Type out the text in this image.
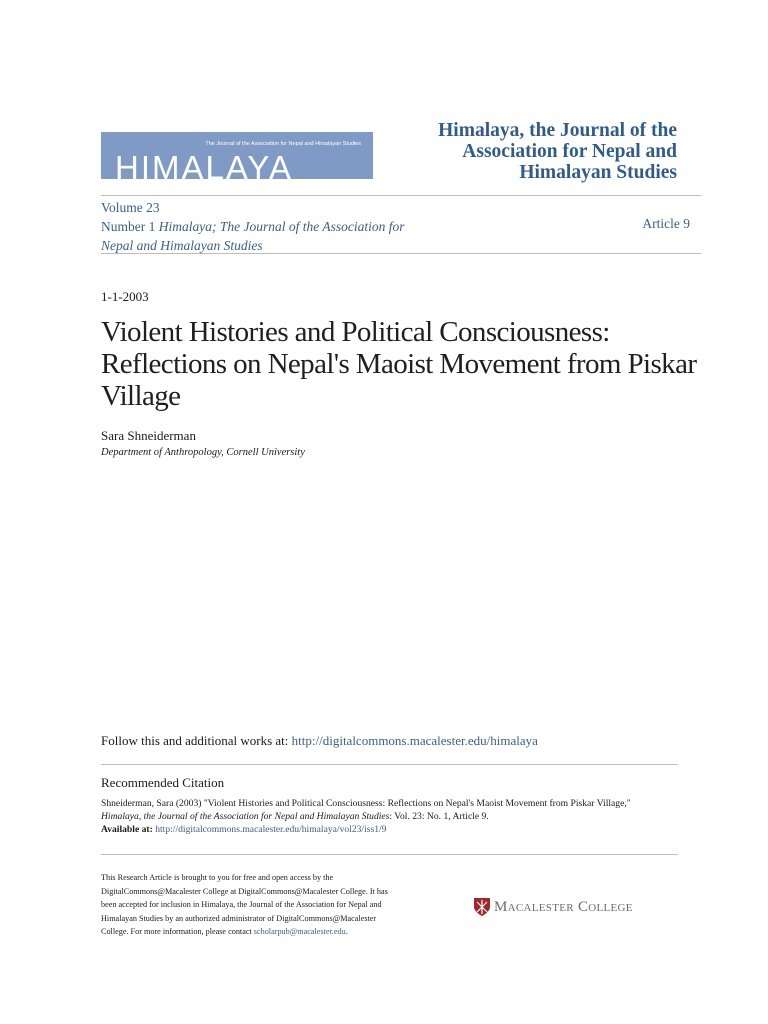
The Journal of the Association for Nepal and Himalayan Studies
HIMALAYA
Himalaya, the Journal of the Association for Nepal and Himalayan Studies
Volume 23
Number 1 Himalaya; The Journal of the Association for Nepal and Himalayan Studies
Article 9
1-1-2003
Violent Histories and Political Consciousness: Reflections on Nepal's Maoist Movement from Piskar Village
Sara Shneiderman
Department of Anthropology, Cornell University
Follow this and additional works at: http://digitalcommons.macalester.edu/himalaya
Recommended Citation
Shneiderman, Sara (2003) "Violent Histories and Political Consciousness: Reflections on Nepal's Maoist Movement from Piskar Village," Himalaya, the Journal of the Association for Nepal and Himalayan Studies: Vol. 23: No. 1, Article 9.
Available at: http://digitalcommons.macalester.edu/himalaya/vol23/iss1/9
This Research Article is brought to you for free and open access by the DigitalCommons@Macalester College at DigitalCommons@Macalester College. It has been accepted for inclusion in Himalaya, the Journal of the Association for Nepal and Himalayan Studies by an authorized administrator of DigitalCommons@Macalester College. For more information, please contact scholarpub@macalester.edu.
Macalester College
